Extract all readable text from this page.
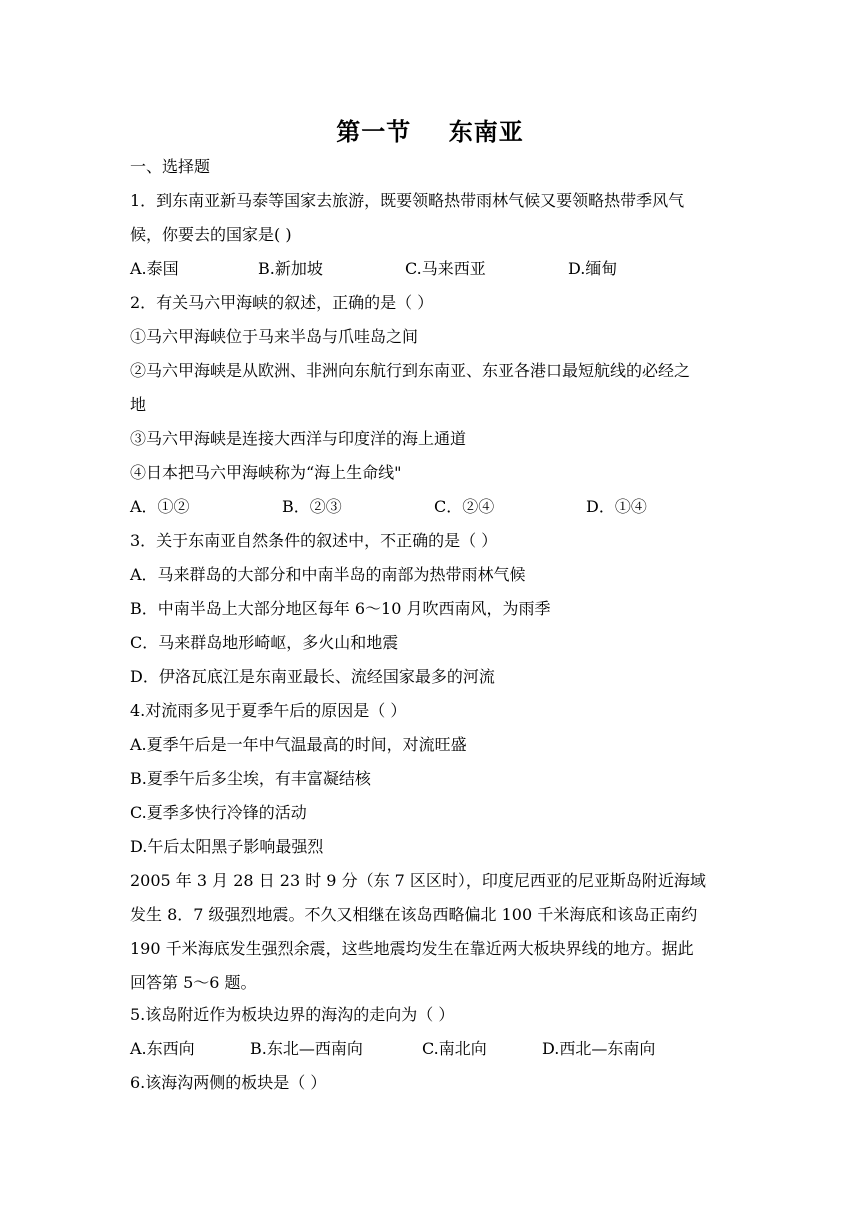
第一节    东南亚
一、选择题
1．到东南亚新马泰等国家去旅游，既要领略热带雨林气候又要领略热带季风气
候，你要去的国家是( )
A.泰国	B.新加坡	C.马来西亚	D.缅甸
2．有关马六甲海峡的叙述，正确的是（ ）
①马六甲海峡位于马来半岛与爪哇岛之间
②马六甲海峡是从欧洲、非洲向东航行到东南亚、东亚各港口最短航线的必经之
地
③马六甲海峡是连接大西洋与印度洋的海上通道
④日本把马六甲海峡称为“海上生命线"
A．①②	B．②③	C．②④	D．①④
3．关于东南亚自然条件的叙述中，不正确的是（ ）
A．马来群岛的大部分和中南半岛的南部为热带雨林气候
B．中南半岛上大部分地区每年 6～10 月吹西南风，为雨季
C．马来群岛地形崎岖，多火山和地震
D．伊洛瓦底江是东南亚最长、流经国家最多的河流
4.对流雨多见于夏季午后的原因是（ ）
A.夏季午后是一年中气温最高的时间，对流旺盛
B.夏季午后多尘埃，有丰富凝结核
C.夏季多快行冷锋的活动
D.午后太阳黑子影响最强烈
2005 年 3 月 28 日 23 时 9 分（东 7 区区时），印度尼西亚的尼亚斯岛附近海域
发生 8．7 级强烈地震。不久又相继在该岛西略偏北 100 千米海底和该岛正南约
190 千米海底发生强烈余震，这些地震均发生在靠近两大板块界线的地方。据此
回答第 5～6 题。
5.该岛附近作为板块边界的海沟的走向为（ ）
A.东西向	B.东北—西南向	C.南北向	D.西北—东南向
6.该海沟两侧的板块是（ ）
